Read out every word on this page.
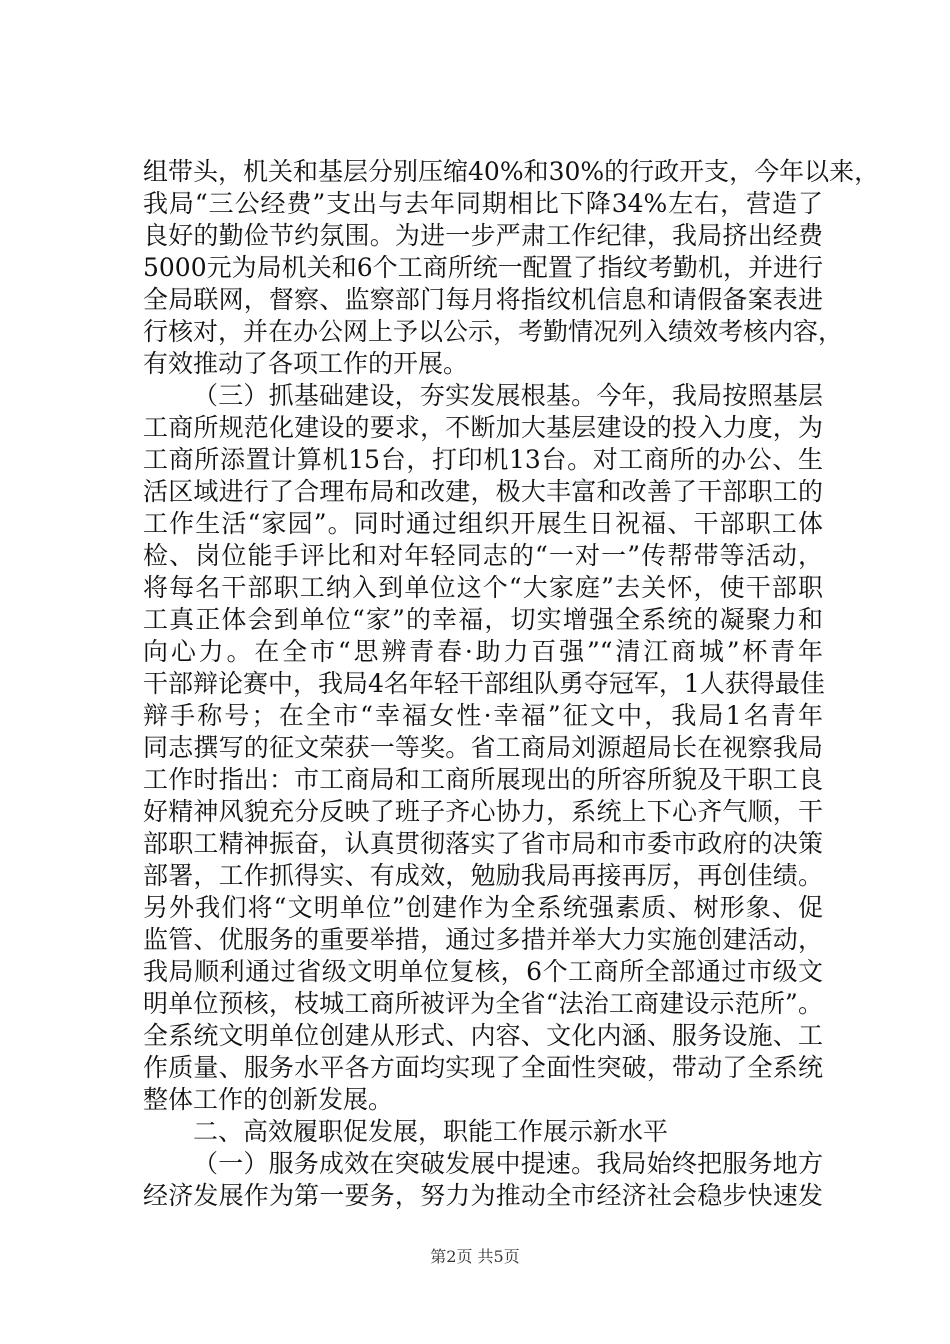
组带头，机关和基层分别压缩40%和30%的行政开支，今年以来，
我局“三公经费”支出与去年同期相比下降34%左右，营造了
良好的勤俭节约氛围。为进一步严肃工作纪律，我局挤出经费
5000元为局机关和6个工商所统一配置了指纹考勤机，并进行
全局联网，督察、监察部门每月将指纹机信息和请假备案表进
行核对，并在办公网上予以公示，考勤情况列入绩效考核内容，
有效推动了各项工作的开展。
（三）抓基础建设，夯实发展根基。今年，我局按照基层
工商所规范化建设的要求，不断加大基层建设的投入力度，为
工商所添置计算机15台，打印机13台。对工商所的办公、生
活区域进行了合理布局和改建，极大丰富和改善了干部职工的
工作生活“家园”。同时通过组织开展生日祝福、干部职工体
检、岗位能手评比和对年轻同志的“一对一”传帮带等活动，
将每名干部职工纳入到单位这个“大家庭”去关怀，使干部职
工真正体会到单位“家”的幸福，切实增强全系统的凝聚力和
向心力。在全市“思辨青春·助力百强”“清江商城”杯青年
干部辩论赛中，我局4名年轻干部组队勇夺冠军，1人获得最佳
辩手称号；在全市“幸福女性·幸福”征文中，我局1名青年
同志撰写的征文荣获一等奖。省工商局刘源超局长在视察我局
工作时指出：市工商局和工商所展现出的所容所貌及干职工良
好精神风貌充分反映了班子齐心协力，系统上下心齐气顺，干
部职工精神振奋，认真贯彻落实了省市局和市委市政府的决策
部署，工作抓得实、有成效，勉励我局再接再厉，再创佳绩。
另外我们将“文明单位”创建作为全系统强素质、树形象、促
监管、优服务的重要举措，通过多措并举大力实施创建活动，
我局顺利通过省级文明单位复核，6个工商所全部通过市级文
明单位预核，枝城工商所被评为全省“法治工商建设示范所”。
全系统文明单位创建从形式、内容、文化内涵、服务设施、工
作质量、服务水平各方面均实现了全面性突破，带动了全系统
整体工作的创新发展。
二、高效履职促发展，职能工作展示新水平
（一）服务成效在突破发展中提速。我局始终把服务地方
经济发展作为第一要务，努力为推动全市经济社会稳步快速发
第2页 共5页
